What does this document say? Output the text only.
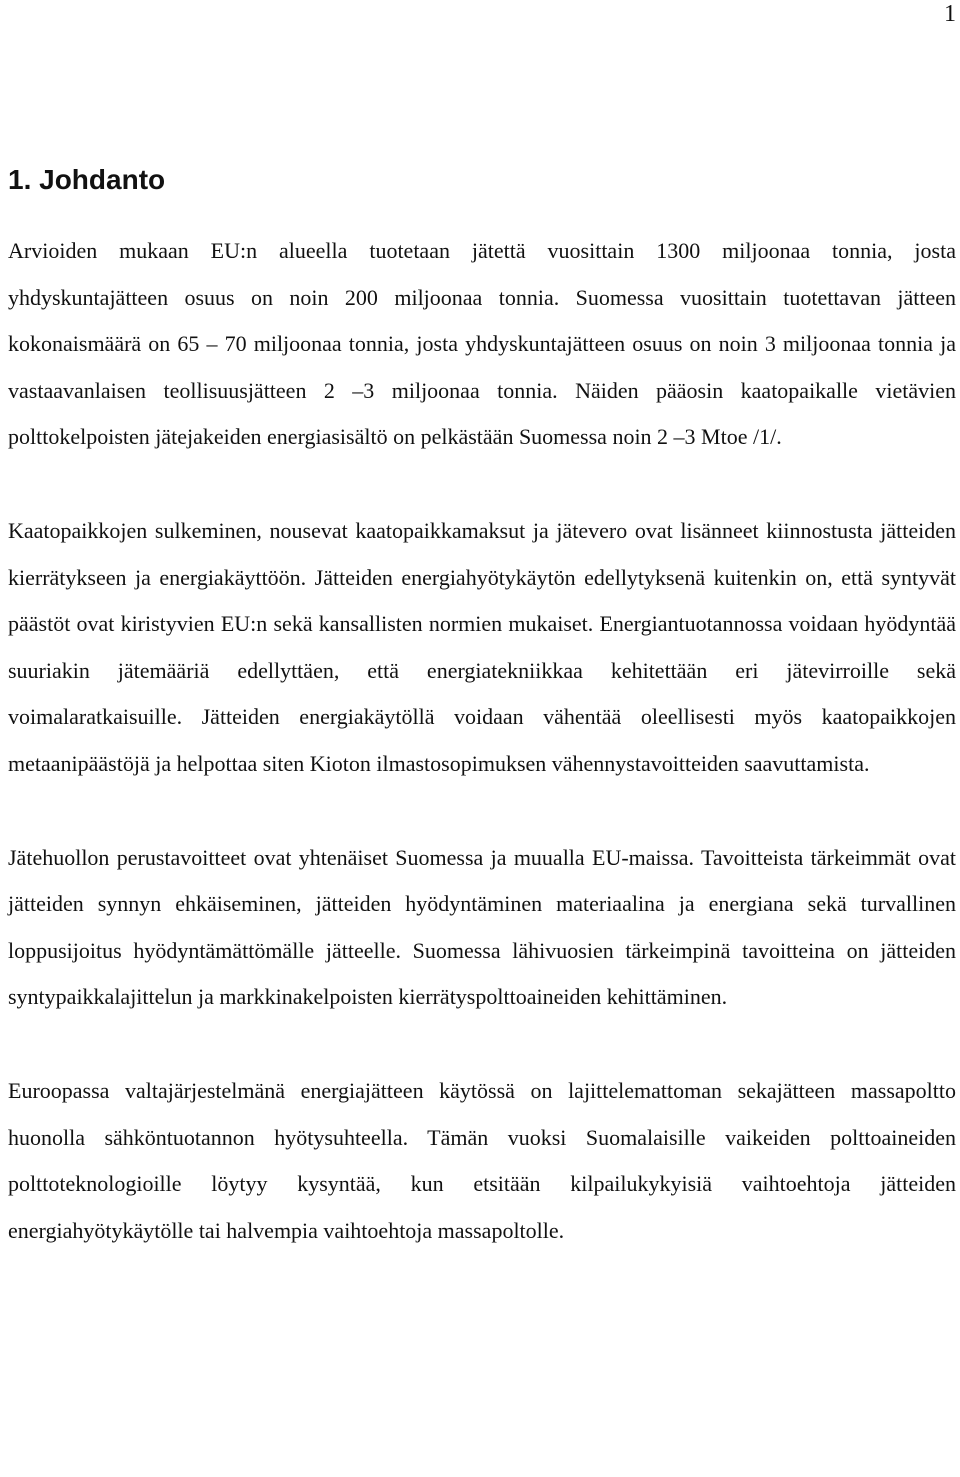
1
1. Johdanto

Arvioiden mukaan EU:n alueella tuotetaan jätettä vuosittain 1300 miljoonaa tonnia, josta yhdyskuntajätteen osuus on noin 200 miljoonaa tonnia. Suomessa vuosittain tuotettavan jätteen kokonaismäärä on 65 – 70 miljoonaa tonnia, josta yhdyskuntajätteen osuus on noin 3 miljoonaa tonnia ja vastaavanlaisen teollisuusjätteen 2 –3 miljoonaa tonnia. Näiden pääosin kaatopaikalle vietävien polttokelpoisten jätejakeiden energiasisältö on pelkästään Suomessa noin 2 –3 Mtoe /1/.

Kaatopaikkojen sulkeminen, nousevat kaatopaikkamaksut ja jätevero ovat lisänneet kiinnostusta jätteiden kierrätykseen ja energiakäyttöön. Jätteiden energiahyötykäytön edellytyksenä kuitenkin on, että syntyvät päästöt ovat kiristyvien EU:n sekä kansallisten normien mukaiset. Energiantuotannossa voidaan hyödyntää suuriakin jätemääriä edellyttäen, että energiatekniikkaa kehitettään eri jätevirroille sekä voimalaratkaisuille. Jätteiden energiakäytöllä voidaan vähentää oleellisesti myös kaatopaikkojen metaanipäästöjä ja helpottaa siten Kioton ilmastosopimuksen vähennystavoitteiden saavuttamista.

Jätehuollon perustavoitteet ovat yhtenäiset Suomessa ja muualla EU-maissa. Tavoitteista tärkeimmät ovat jätteiden synnyn ehkäiseminen, jätteiden hyödyntäminen materiaalina ja energiana sekä turvallinen loppusijoitus hyödyntämättömälle jätteelle. Suomessa lähivuosien tärkeimpinä tavoitteina on jätteiden syntypaikkalajittelun ja markkinakelpoisten kierrätyspolttoaineiden kehittäminen.

Euroopassa valtajärjestelmänä energiajätteen käytössä on lajittelemattoman sekajätteen massapoltto huonolla sähköntuotannon hyötysuhteella. Tämän vuoksi Suomalaisille vaikeiden polttoaineiden polttoteknologioille löytyy kysyntää, kun etsitään kilpailukykyisiä vaihtoehtoja jätteiden energiahyötykäytölle tai halvempia vaihtoehtoja massapoltolle.
